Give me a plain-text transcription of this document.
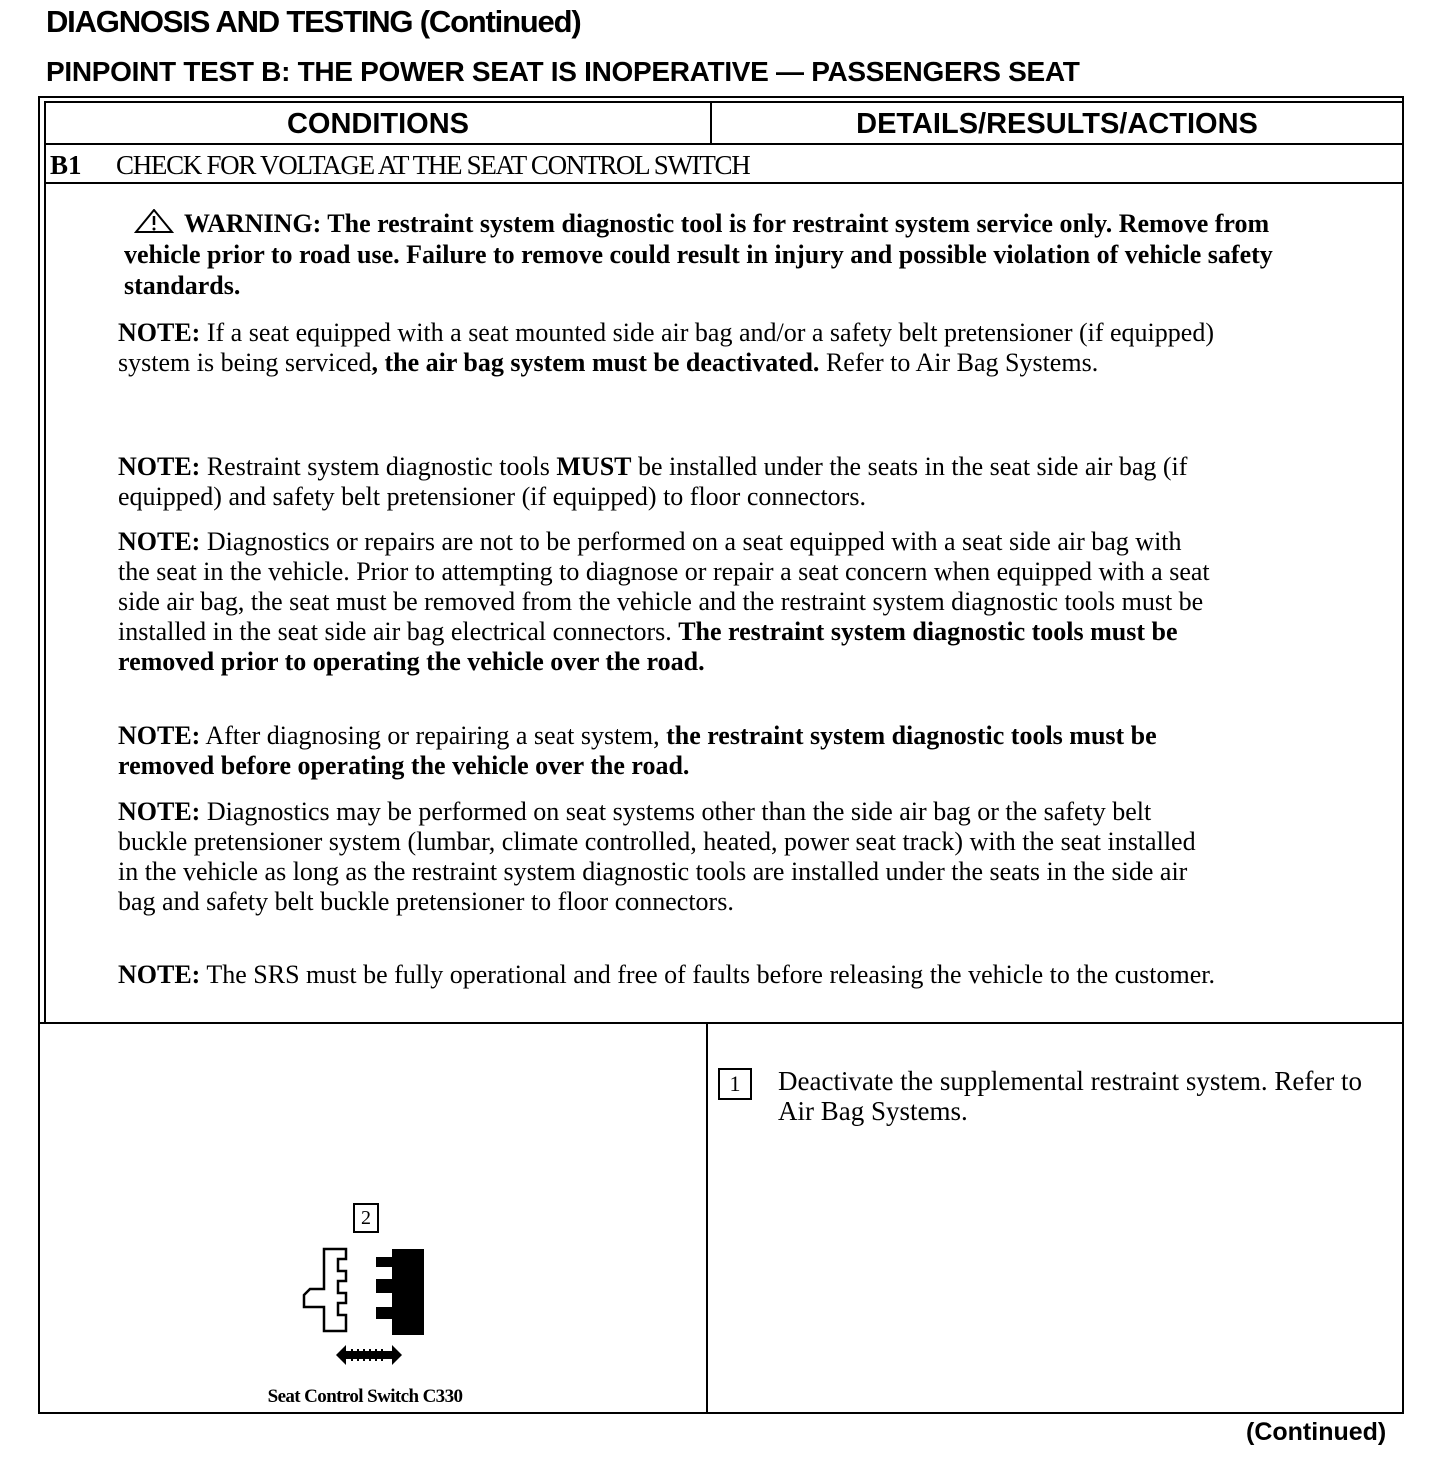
DIAGNOSIS AND TESTING (Continued)
PINPOINT TEST B: THE POWER SEAT IS INOPERATIVE — PASSENGERS SEAT
CONDITIONS	DETAILS/RESULTS/ACTIONS
B1 CHECK FOR VOLTAGE AT THE SEAT CONTROL SWITCH
WARNING: The restraint system diagnostic tool is for restraint system service only. Remove from vehicle prior to road use. Failure to remove could result in injury and possible violation of vehicle safety standards.

NOTE: If a seat equipped with a seat mounted side air bag and/or a safety belt pretensioner (if equipped) system is being serviced, the air bag system must be deactivated. Refer to Air Bag Systems.

NOTE: Restraint system diagnostic tools MUST be installed under the seats in the seat side air bag (if equipped) and safety belt pretensioner (if equipped) to floor connectors.

NOTE: Diagnostics or repairs are not to be performed on a seat equipped with a seat side air bag with the seat in the vehicle. Prior to attempting to diagnose or repair a seat concern when equipped with a seat side air bag, the seat must be removed from the vehicle and the restraint system diagnostic tools must be installed in the seat side air bag electrical connectors. The restraint system diagnostic tools must be removed prior to operating the vehicle over the road.

NOTE: After diagnosing or repairing a seat system, the restraint system diagnostic tools must be removed before operating the vehicle over the road.

NOTE: Diagnostics may be performed on seat systems other than the side air bag or the safety belt buckle pretensioner system (lumbar, climate controlled, heated, power seat track) with the seat installed in the vehicle as long as the restraint system diagnostic tools are installed under the seats in the side air bag and safety belt buckle pretensioner to floor connectors.

NOTE: The SRS must be fully operational and free of faults before releasing the vehicle to the customer.

2
Seat Control Switch C330
1	Deactivate the supplemental restraint system. Refer to Air Bag Systems.
(Continued)
